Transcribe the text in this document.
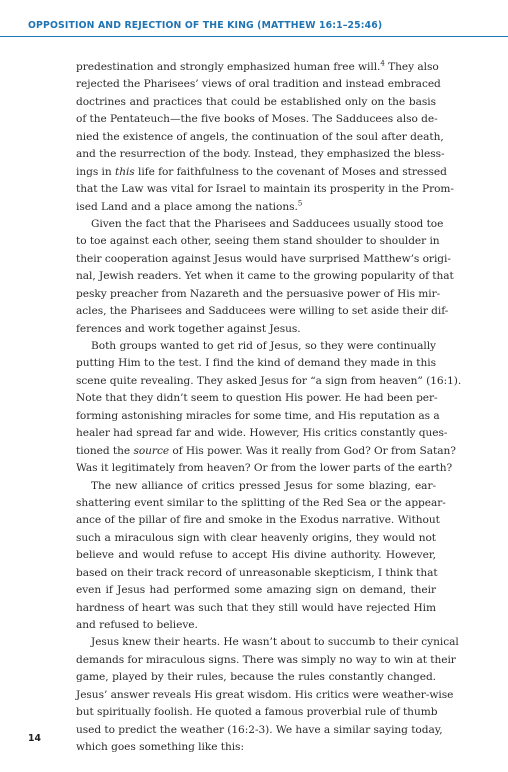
OPPOSITION AND REJECTION OF THE KING (MATTHEW 16:1–25:46)
predestination and strongly emphasized human free will.$^4$ They also
rejected the Pharisees’ views of oral tradition and instead embraced
doctrines and practices that could be established only on the basis
of the Pentateuch—the five books of Moses. The Sadducees also de-
nied the existence of angels, the continuation of the soul after death,
and the resurrection of the body. Instead, they emphasized the bless-
ings in this life for faithfulness to the covenant of Moses and stressed
that the Law was vital for Israel to maintain its prosperity in the Prom-
ised Land and a place among the nations.$^5$
Given the fact that the Pharisees and Sadducees usually stood toe
to toe against each other, seeing them stand shoulder to shoulder in
their cooperation against Jesus would have surprised Matthew’s origi-
nal, Jewish readers. Yet when it came to the growing popularity of that
pesky preacher from Nazareth and the persuasive power of His mir-
acles, the Pharisees and Sadducees were willing to set aside their dif-
ferences and work together against Jesus.
Both groups wanted to get rid of Jesus, so they were continually
putting Him to the test. I find the kind of demand they made in this
scene quite revealing. They asked Jesus for “a sign from heaven” (16:1).
Note that they didn’t seem to question His power. He had been per-
forming astonishing miracles for some time, and His reputation as a
healer had spread far and wide. However, His critics constantly ques-
tioned the source of His power. Was it really from God? Or from Satan?
Was it legitimately from heaven? Or from the lower parts of the earth?
The new alliance of critics pressed Jesus for some blazing, ear-
shattering event similar to the splitting of the Red Sea or the appear-
ance of the pillar of fire and smoke in the Exodus narrative. Without
such a miraculous sign with clear heavenly origins, they would not
believe and would refuse to accept His divine authority. However,
based on their track record of unreasonable skepticism, I think that
even if Jesus had performed some amazing sign on demand, their
hardness of heart was such that they still would have rejected Him
and refused to believe.
Jesus knew their hearts. He wasn’t about to succumb to their cynical
demands for miraculous signs. There was simply no way to win at their
game, played by their rules, because the rules constantly changed.
Jesus’ answer reveals His great wisdom. His critics were weather-wise
but spiritually foolish. He quoted a famous proverbial rule of thumb
used to predict the weather (16:2-3). We have a similar saying today,
which goes something like this:
14
